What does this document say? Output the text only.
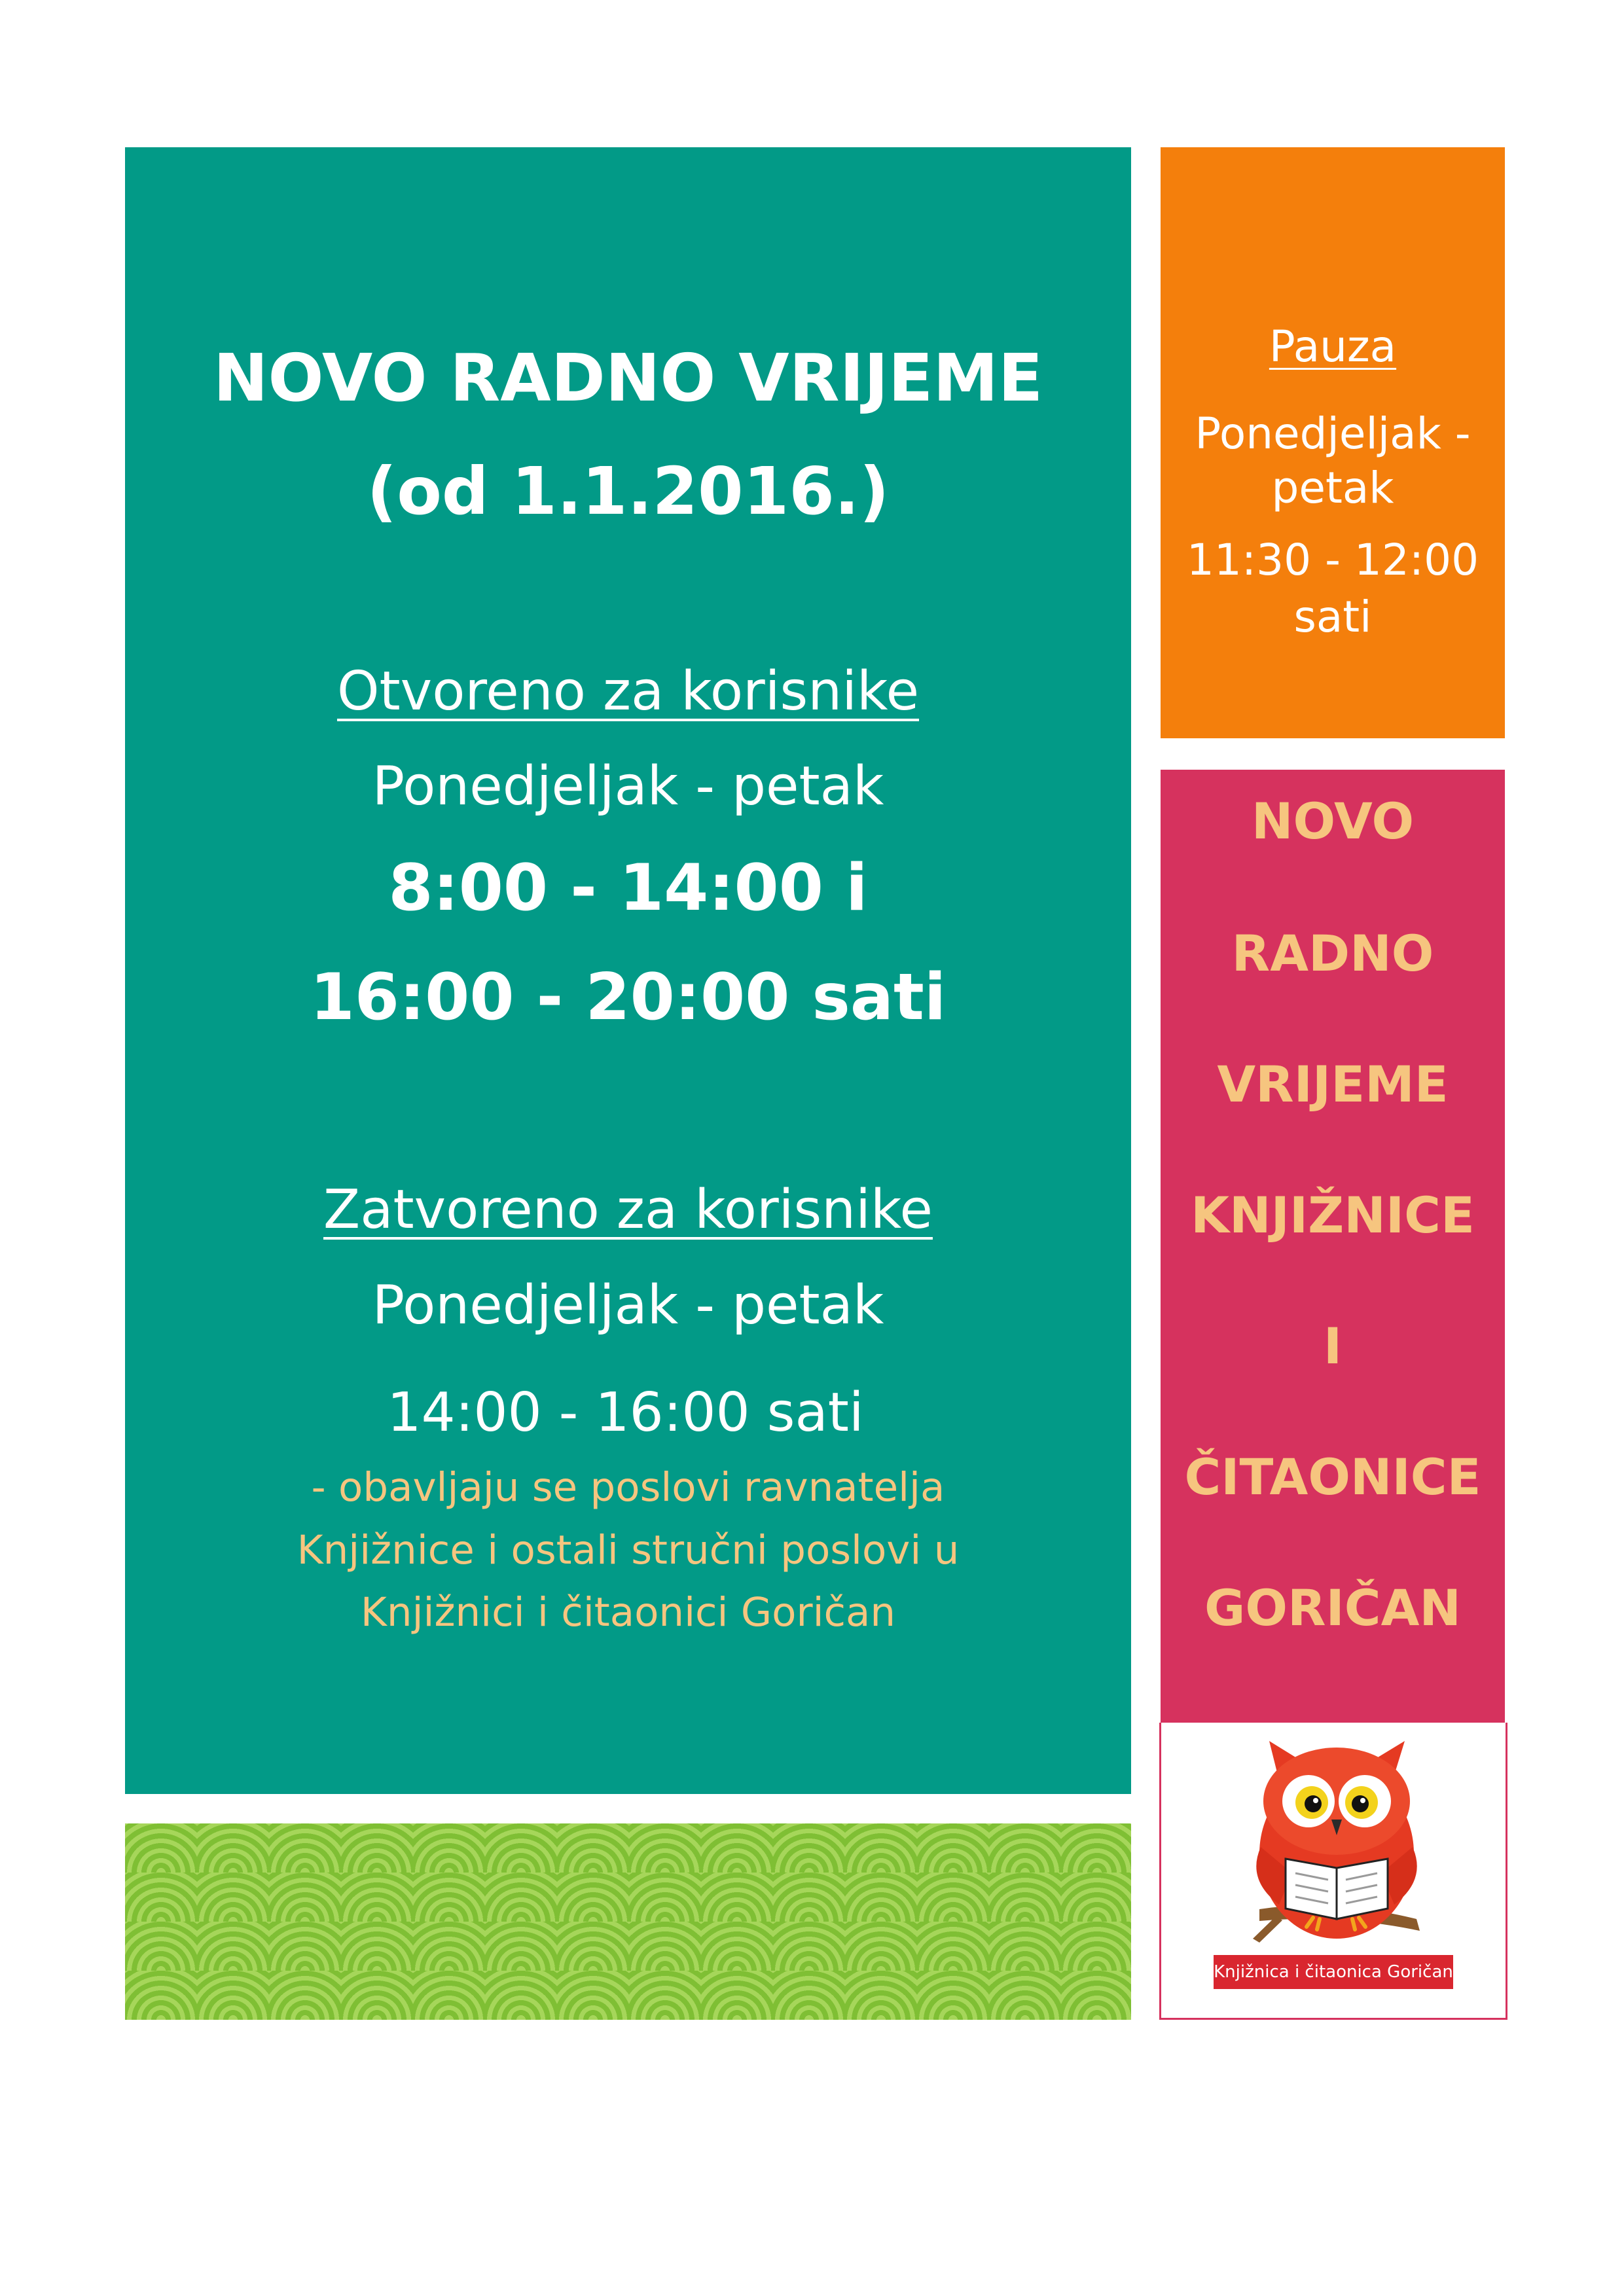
NOVO RADNO VRIJEME
(od 1.1.2016.)
Otvoreno za korisnike
Ponedjeljak - petak
8:00 - 14:00 i
16:00 - 20:00 sati
Zatvoreno za korisnike
Ponedjeljak - petak
14:00 - 16:00 sati
- obavljaju se poslovi ravnatelja
Knjižnice i ostali stručni poslovi u
Knjižnici i čitaonici Goričan
Pauza
Ponedjeljak -
petak
11:30 - 12:00
sati
NOVO
RADNO
VRIJEME
KNJIŽNICE
I
ČITAONICE
GORIČAN
Knjižnica i čitaonica Goričan
